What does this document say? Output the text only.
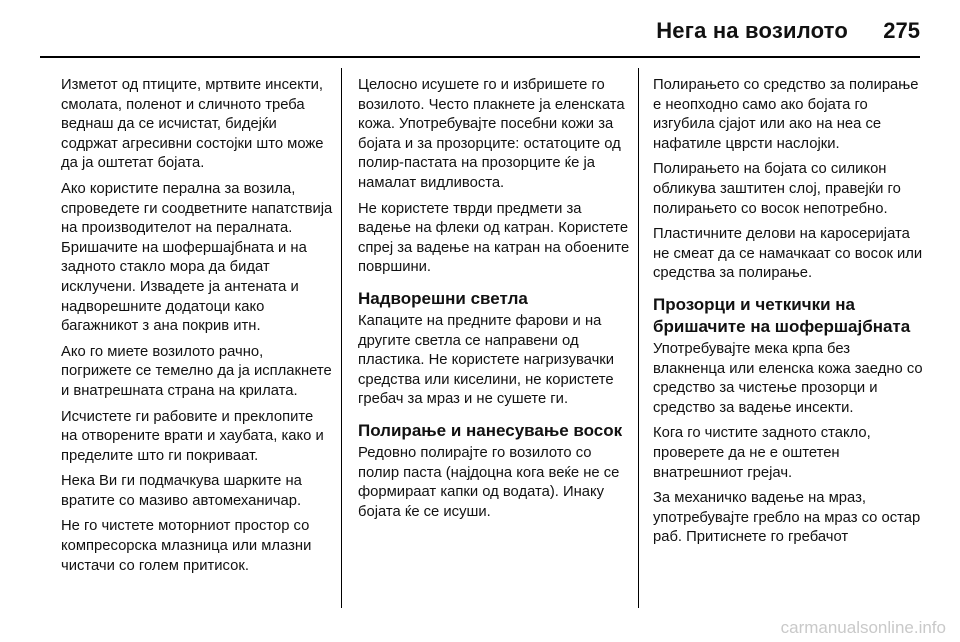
Нега на возилото 275

Изметот од птиците, мртвите инсекти, смолата, поленот и сличното треба веднаш да се исчистат, бидејќи содржат агресивни состојки што може да ја оштетат бојата.

Ако користите перална за возила, спроведете ги соодветните напатствија на производителот на пералната. Бришачите на шофершајбната и на задното стакло мора да бидат исклучени. Извадете ја антената и надворешните додатоци како багажникот з ана покрив итн.

Ако го миете возилото рачно, погрижете се темелно да ја исплакнете и внатрешната страна на крилата.

Исчистете ги рабовите и преклопите на отворените врати и хаубата, како и пределите што ги покриваат.

Нека Ви ги подмачкува шарките на вратите со мазиво автомеханичар.

Не го чистете моторниот простор со компресорска млазница или млазни чистачи со голем притисок.

Целосно исушете го и избришете го возилото. Често плакнете ја еленската кожа. Употребувајте посебни кожи за бојата и за прозорците: остатоците од полир-пастата на прозорците ќе ја намалат видливоста.

Не користете тврди предмети за вадење на флеки од катран. Користете спреј за вадење на катран на обоените површини.

Надворешни светла

Капаците на предните фарови и на другите светла се направени од пластика. Не користете нагризувачки средства или киселини, не користете гребач за мраз и не сушете ги.

Полирање и нанесување восок

Редовно полирајте го возилото со полир паста (најдоцна кога веќе не се формираат капки од водата). Инаку бојата ќе се исуши.

Полирањето со средство за полирање е неопходно само ако бојата го изгубила сјајот или ако на неа се нафатиле цврсти наслојки.

Полирањето на бојата со силикон обликува заштитен слој, правејќи го полирањето со восок непотребно.

Пластичните делови на каросеријата не смеат да се намачкаат со восок или средства за полирање.

Прозорци и четкички на бришачите на шофершајбната

Употребувајте мека крпа без влакненца или еленска кожа заедно со средство за чистење прозорци и средство за вадење инсекти.

Кога го чистите задното стакло, проверете да не е оштетен внатрешниот грејач.

За механичко вадење на мраз, употребувајте гребло на мраз со остар раб. Притиснете го гребачот

carmanualsonline.info
